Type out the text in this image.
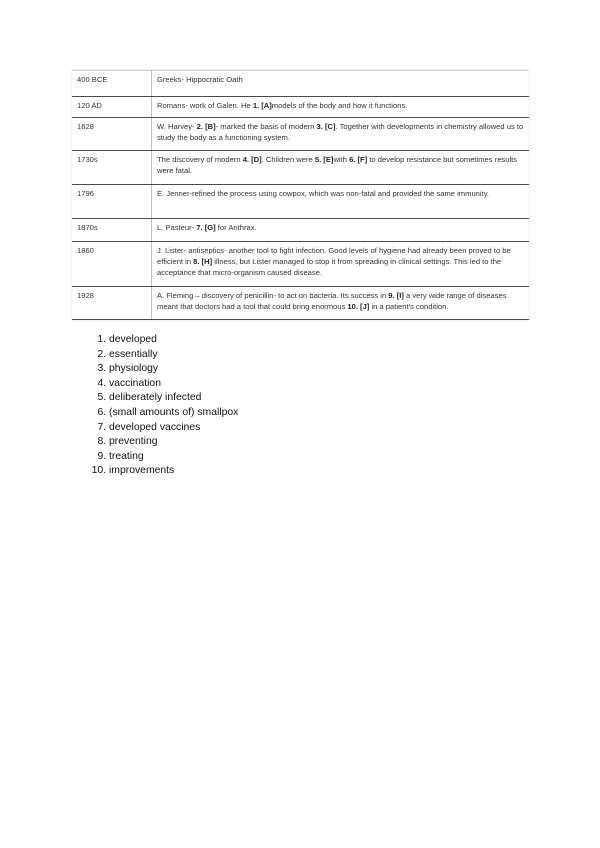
400 BCE	Greeks- Hippocratic Oath
120 AD	Romans- work of Galen. He 1. [A]models of the body and how it functions.
1628	W. Harvey- 2. [B]- marked the basis of modern 3. [C]. Together with developments in chemistry allowed us to study the body as a functioning system.
1730s	The discovery of modern 4. [D]. Children were 5. [E]with 6. [F] to develop resistance but sometimes results were fatal.
1796	E. Jenner-refined the process using cowpox, which was non-fatal and provided the same immunity.
1870s	L. Pasteur- 7. [G] for Anthrax.
1860	J. Lister- antiseptics- another tool to fight infection. Good levels of hygiene had already been proved to be efficient in 8. [H] illness, but Lister managed to stop it from spreading in clinical settings. This led to the acceptance that micro-organism caused disease.
1928	A. Fleming – discovery of penicillin- to act on bacteria. Its success in 9. [I] a very wide range of diseases meant that doctors had a tool that could bring enormous 10. [J] in a patient's condition.
1. developed
2. essentially
3. physiology
4. vaccination
5. deliberately infected
6. (small amounts of) smallpox
7. developed vaccines
8. preventing
9. treating
10. improvements
